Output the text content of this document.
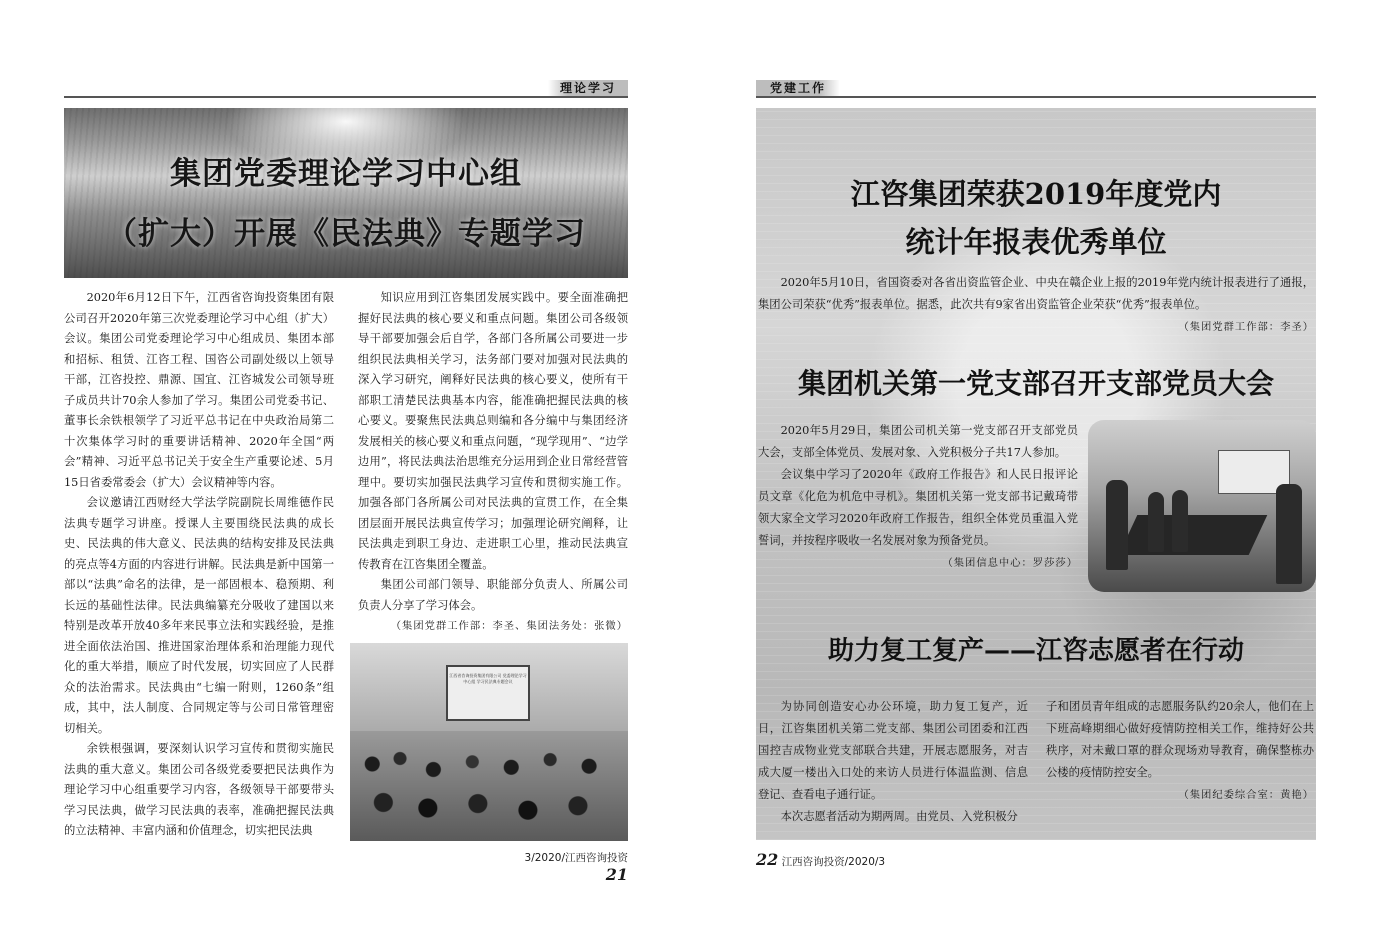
理论学习
集团党委理论学习中心组
（扩大）开展《民法典》专题学习

2020年6月12日下午，江西省咨询投资集团有限公司召开2020年第三次党委理论学习中心组（扩大）会议。集团公司党委理论学习中心组成员、集团本部和招标、租赁、江咨工程、国咨公司副处级以上领导干部，江咨投控、鼎源、国宜、江咨城发公司领导班子成员共计70余人参加了学习。集团公司党委书记、董事长余铁根领学了习近平总书记在中央政治局第二十次集体学习时的重要讲话精神、2020年全国“两会”精神、习近平总书记关于安全生产重要论述、5月15日省委常委会（扩大）会议精神等内容。

会议邀请江西财经大学法学院副院长周维德作民法典专题学习讲座。授课人主要围绕民法典的成长史、民法典的伟大意义、民法典的结构安排及民法典的亮点等4方面的内容进行讲解。民法典是新中国第一部以“法典”命名的法律，是一部固根本、稳预期、利长远的基础性法律。民法典编纂充分吸收了建国以来特别是改革开放40多年来民事立法和实践经验，是推进全面依法治国、推进国家治理体系和治理能力现代化的重大举措，顺应了时代发展，切实回应了人民群众的法治需求。民法典由“七编一附则，1260条”组成，其中，法人制度、合同规定等与公司日常管理密切相关。

余铁根强调，要深刻认识学习宣传和贯彻实施民法典的重大意义。集团公司各级党委要把民法典作为理论学习中心组重要学习内容，各级领导干部要带头学习民法典，做学习民法典的表率，准确把握民法典的立法精神、丰富内涵和价值理念，切实把民法典

知识应用到江咨集团发展实践中。要全面准确把握好民法典的核心要义和重点问题。集团公司各级领导干部要加强会后自学，各部门各所属公司要进一步组织民法典相关学习，法务部门要对加强对民法典的深入学习研究，阐释好民法典的核心要义，使所有干部职工清楚民法典基本内容，能准确把握民法典的核心要义。要聚焦民法典总则编和各分编中与集团经济发展相关的核心要义和重点问题，“现学现用”、“边学边用”，将民法典法治思维充分运用到企业日常经营管理中。要切实加强民法典学习宣传和贯彻实施工作。加强各部门各所属公司对民法典的宣贯工作，在全集团层面开展民法典宣传学习；加强理论研究阐释，让民法典走到职工身边、走进职工心里，推动民法典宣传教育在江咨集团全覆盖。

集团公司部门领导、职能部分负责人、所属公司负责人分享了学习体会。

（集团党群工作部：李圣、集团法务处：张微）
江西省咨询投资集团有限公司 党委理论学习中心组 学习民法典专题会议
3/2020/江西咨询投资 21
党建工作
江咨集团荣获2019年度党内
统计年报表优秀单位

2020年5月10日，省国资委对各省出资监管企业、中央在赣企业上报的2019年党内统计报表进行了通报，集团公司荣获“优秀”报表单位。据悉，此次共有9家省出资监管企业荣获“优秀”报表单位。

（集团党群工作部：李圣）
集团机关第一党支部召开支部党员大会

2020年5月29日，集团公司机关第一党支部召开支部党员大会，支部全体党员、发展对象、入党积极分子共17人参加。

会议集中学习了2020年《政府工作报告》和人民日报评论员文章《化危为机危中寻机》。集团机关第一党支部书记戴琦带领大家全文学习2020年政府工作报告，组织全体党员重温入党誓词，并按程序吸收一名发展对象为预备党员。

（集团信息中心：罗莎莎）
助力复工复产——江咨志愿者在行动

为协同创造安心办公环境，助力复工复产，近日，江咨集团机关第二党支部、集团公司团委和江西国控吉成物业党支部联合共建，开展志愿服务，对吉成大厦一楼出入口处的来访人员进行体温监测、信息登记、查看电子通行证。

本次志愿者活动为期两周。由党员、入党积极分

子和团员青年组成的志愿服务队约20余人，他们在上下班高峰期细心做好疫情防控相关工作，维持好公共秩序，对未戴口罩的群众现场劝导教育，确保整栋办公楼的疫情防控安全。

（集团纪委综合室：黄艳）
22 江西咨询投资/2020/3
